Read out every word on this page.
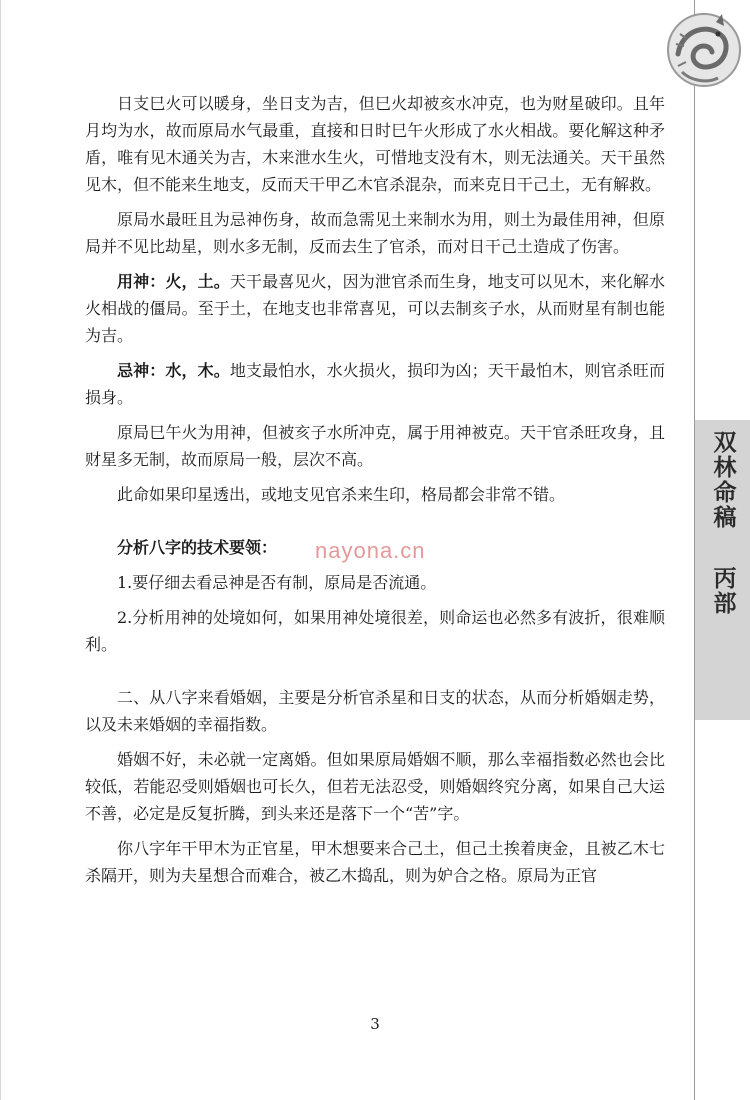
双林命稿
丙部

日支巳火可以暖身，坐日支为吉，但巳火却被亥水冲克，也为财星破印。且年月均为水，故而原局水气最重，直接和日时巳午火形成了水火相战。要化解这种矛盾，唯有见木通关为吉，木来泄水生火，可惜地支没有木，则无法通关。天干虽然见木，但不能来生地支，反而天干甲乙木官杀混杂，而来克日干己土，无有解救。

原局水最旺且为忌神伤身，故而急需见土来制水为用，则土为最佳用神，但原局并不见比劫星，则水多无制，反而去生了官杀，而对日干己土造成了伤害。

用神：火，土。天干最喜见火，因为泄官杀而生身，地支可以见木，来化解水火相战的僵局。至于土，在地支也非常喜见，可以去制亥子水，从而财星有制也能为吉。

忌神：水，木。地支最怕水，水火损火，损印为凶；天干最怕木，则官杀旺而损身。

原局巳午火为用神，但被亥子水所冲克，属于用神被克。天干官杀旺攻身，且财星多无制，故而原局一般，层次不高。

此命如果印星透出，或地支见官杀来生印，格局都会非常不错。

分析八字的技术要领：

1.要仔细去看忌神是否有制，原局是否流通。

2.分析用神的处境如何，如果用神处境很差，则命运也必然多有波折，很难顺利。

二、从八字来看婚姻，主要是分析官杀星和日支的状态，从而分析婚姻走势，以及未来婚姻的幸福指数。

婚姻不好，未必就一定离婚。但如果原局婚姻不顺，那么幸福指数必然也会比较低，若能忍受则婚姻也可长久，但若无法忍受，则婚姻终究分离，如果自己大运不善，必定是反复折腾，到头来还是落下一个“苦”字。

你八字年干甲木为正官星，甲木想要来合己土，但己土挨着庚金，且被乙木七杀隔开，则为夫星想合而难合，被乙木捣乱，则为妒合之格。原局为正官

nayona.cn
3
